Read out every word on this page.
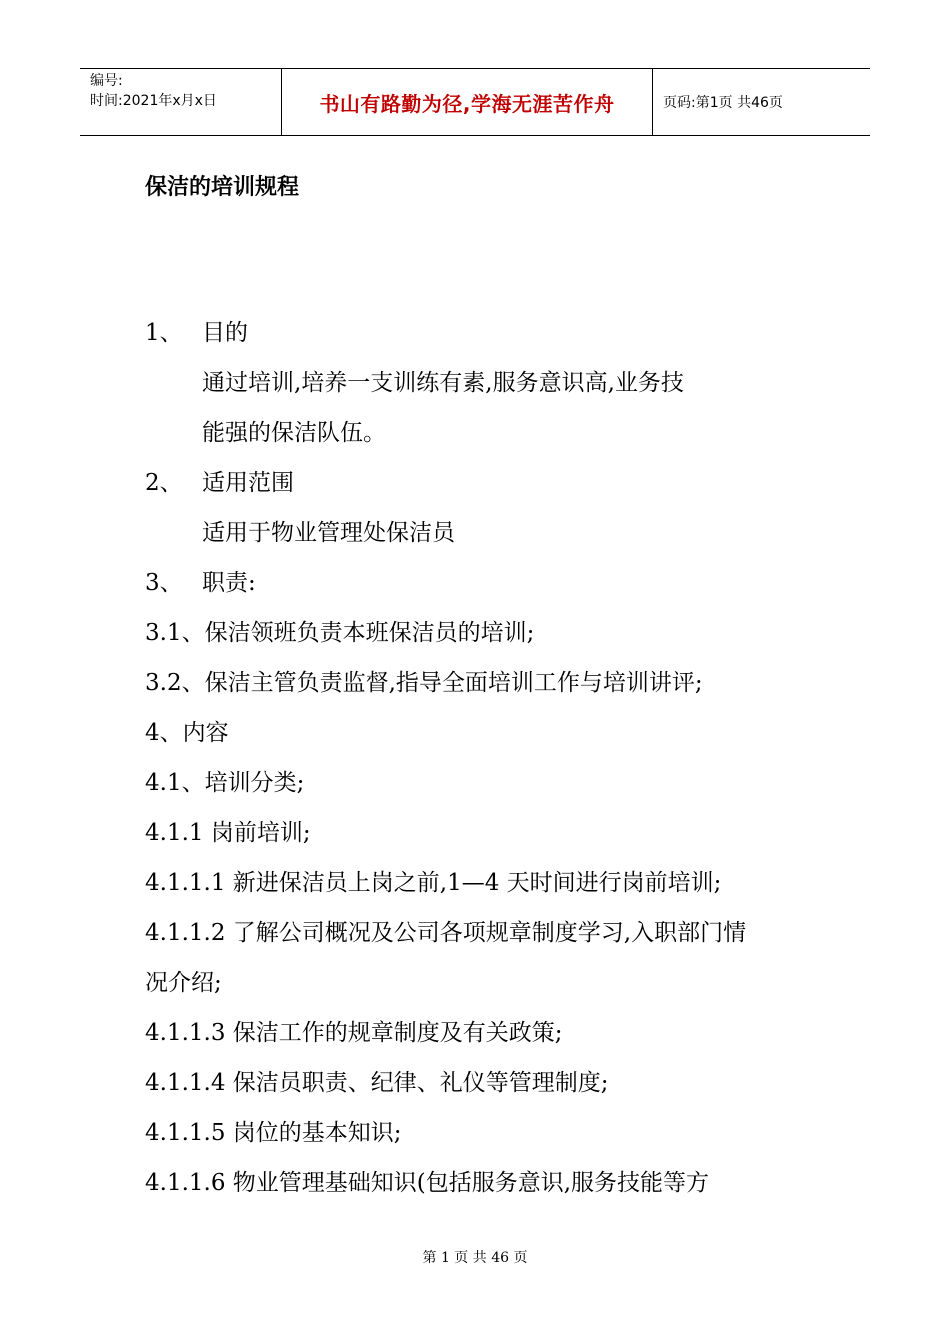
编号:
时间:2021年x月x日	书山有路勤为径,学海无涯苦作舟	页码:第1页 共46页
保洁的培训规程
1、 目的
通过培训,培养一支训练有素,服务意识高,业务技
能强的保洁队伍。
2、 适用范围
适用于物业管理处保洁员
3、 职责:
3.1、保洁领班负责本班保洁员的培训;
3.2、保洁主管负责监督,指导全面培训工作与培训讲评;
4、内容
4.1、培训分类;
4.1.1 岗前培训;
4.1.1.1 新进保洁员上岗之前,1—4 天时间进行岗前培训;
4.1.1.2 了解公司概况及公司各项规章制度学习,入职部门情
况介绍;
4.1.1.3 保洁工作的规章制度及有关政策;
4.1.1.4 保洁员职责、纪律、礼仪等管理制度;
4.1.1.5 岗位的基本知识;
4.1.1.6 物业管理基础知识(包括服务意识,服务技能等方
第 1 页 共 46 页
